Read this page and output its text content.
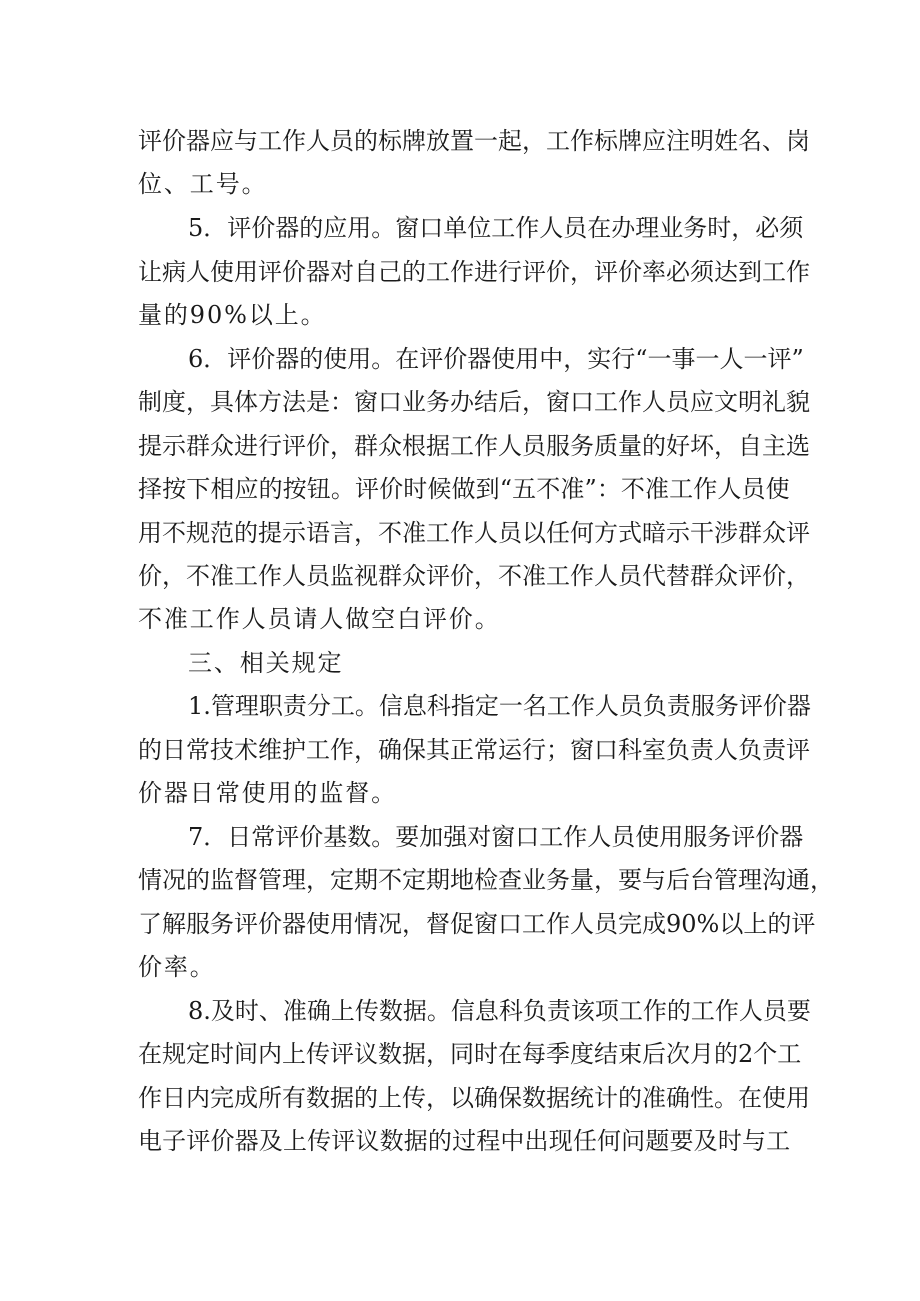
评价器应与工作人员的标牌放置一起，工作标牌应注明姓名、岗
位、工号。
5．评价器的应用。窗口单位工作人员在办理业务时，必须
让病人使用评价器对自己的工作进行评价，评价率必须达到工作
量的90%以上。
6．评价器的使用。在评价器使用中，实行“一事一人一评”
制度，具体方法是：窗口业务办结后，窗口工作人员应文明礼貌
提示群众进行评价，群众根据工作人员服务质量的好坏，自主选
择按下相应的按钮。评价时候做到“五不准”：不准工作人员使
用不规范的提示语言，不准工作人员以任何方式暗示干涉群众评
价，不准工作人员监视群众评价，不准工作人员代替群众评价，
不准工作人员请人做空白评价。
三、相关规定
1.管理职责分工。信息科指定一名工作人员负责服务评价器
的日常技术维护工作，确保其正常运行；窗口科室负责人负责评
价器日常使用的监督。
7．日常评价基数。要加强对窗口工作人员使用服务评价器
情况的监督管理，定期不定期地检查业务量，要与后台管理沟通，
了解服务评价器使用情况，督促窗口工作人员完成90%以上的评
价率。
8.及时、准确上传数据。信息科负责该项工作的工作人员要
在规定时间内上传评议数据，同时在每季度结束后次月的2个工
作日内完成所有数据的上传，以确保数据统计的准确性。在使用
电子评价器及上传评议数据的过程中出现任何问题要及时与工
